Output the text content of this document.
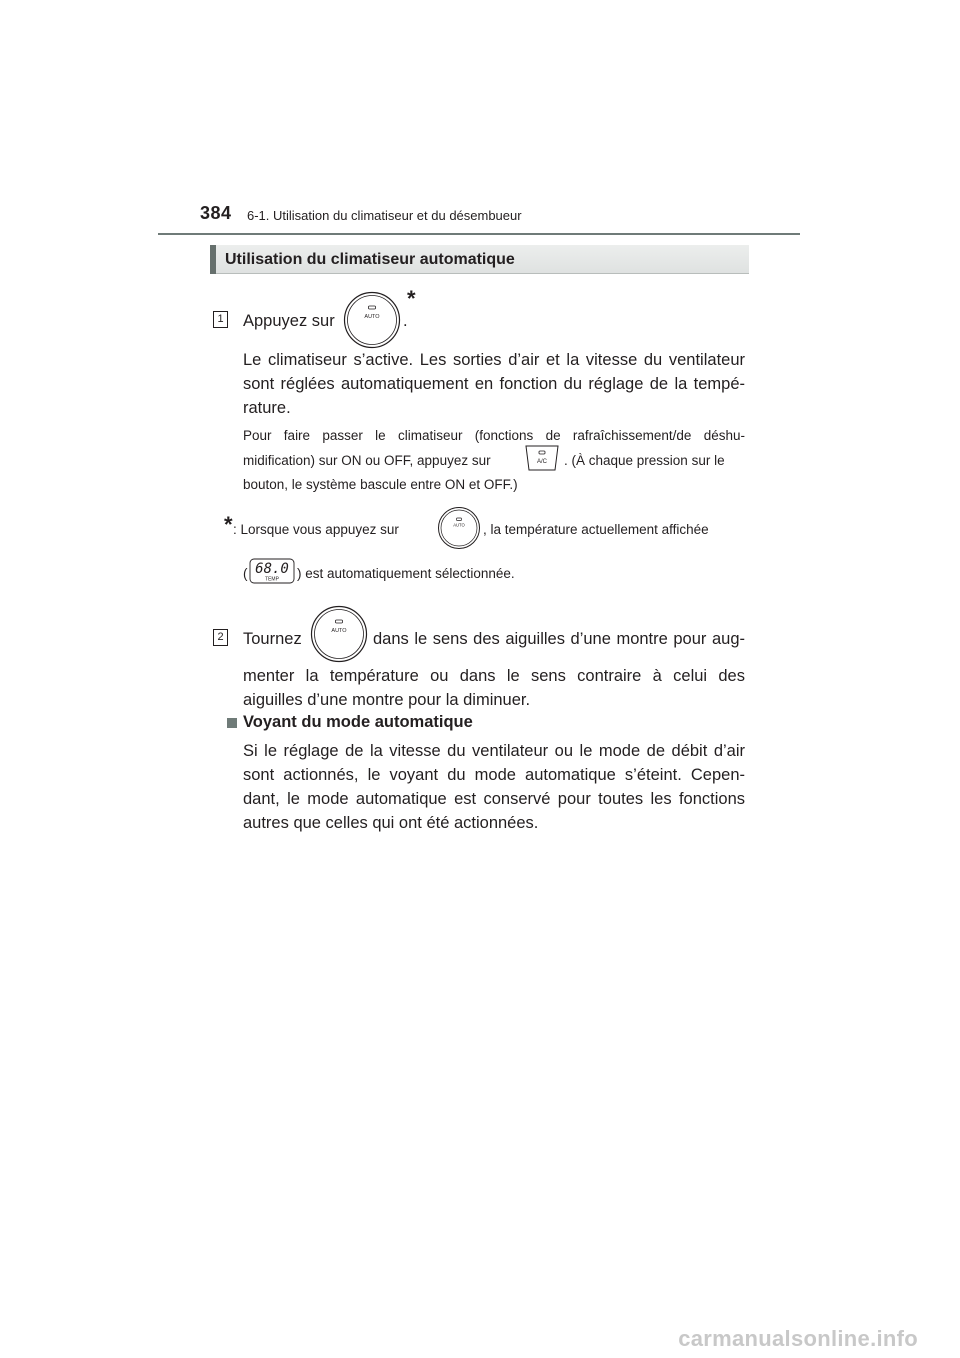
384 6-1. Utilisation du climatiseur et du désembueur
Utilisation du climatiseur automatique
1 Appuyez sur	AUTO .
*
Le climatiseur s’active. Les sorties d’air et la vitesse du ventilateur
sont réglées automatiquement en fonction du réglage de la tempé-
rature.
Pour faire passer le climatiseur (fonctions de rafraîchissement/de déshu-
midification) sur ON ou OFF, appuyez sur	A/C . (À chaque pression sur le
bouton, le système bascule entre ON et OFF.)
* : Lorsque vous appuyez sur	AUTO , la température actuellement affichée
( 68.0
TEMP ) est automatiquement sélectionnée.
2 Tournez	AUTO dans le sens des aiguilles d’une montre pour aug-
menter la température ou dans le sens contraire à celui des
aiguilles d’une montre pour la diminuer.
Voyant du mode automatique
Si le réglage de la vitesse du ventilateur ou le mode de débit d’air
sont actionnés, le voyant du mode automatique s’éteint. Cepen-
dant, le mode automatique est conservé pour toutes les fonctions
autres que celles qui ont été actionnées.
carmanualsonline.info
